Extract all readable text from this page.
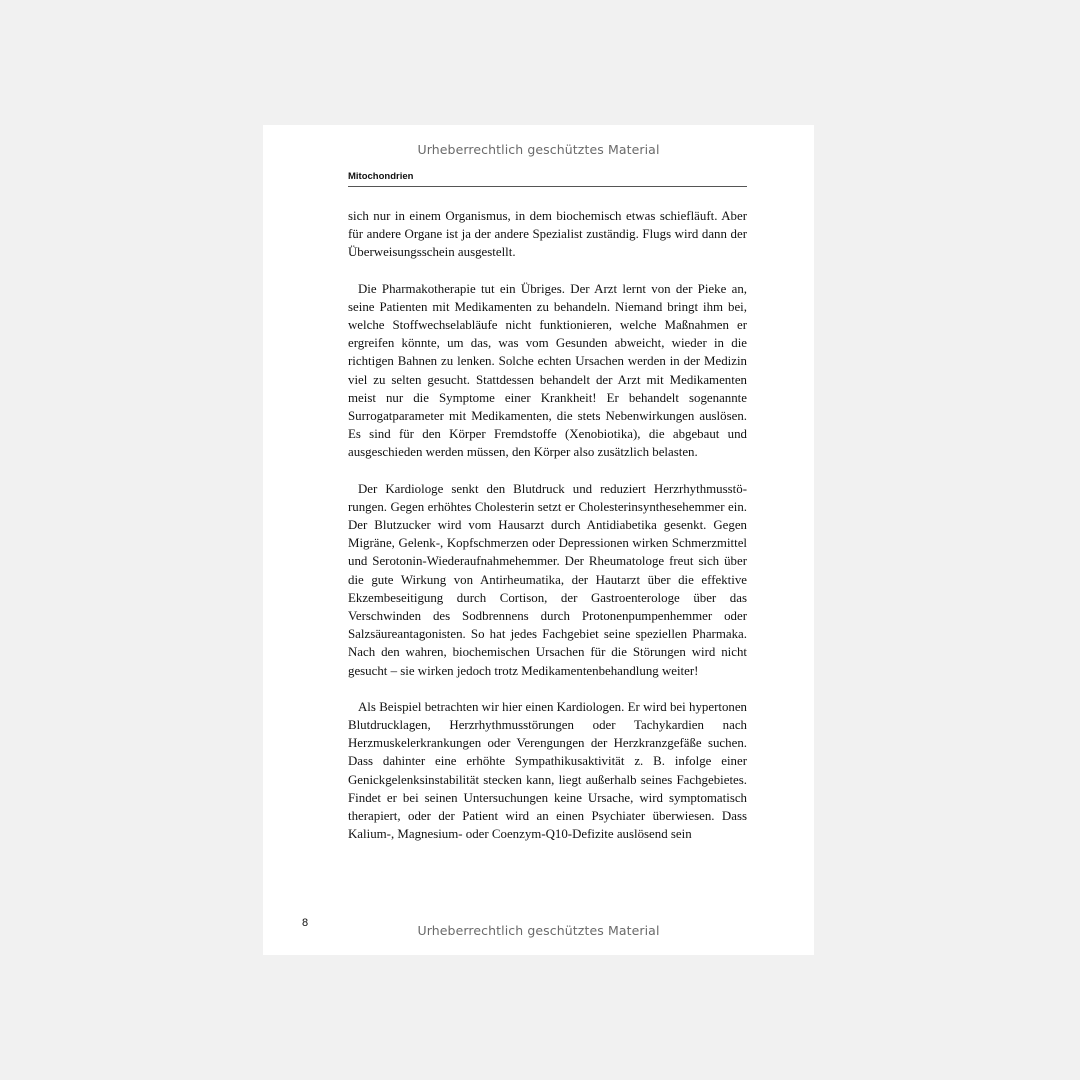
Urheberrechtlich geschütztes Material
Mitochondrien

sich nur in einem Organismus, in dem biochemisch etwas schiefläuft. Aber für andere Organe ist ja der andere Spezialist zuständig. Flugs wird dann der Überweisungsschein ausgestellt.

Die Pharmakotherapie tut ein Übriges. Der Arzt lernt von der Pieke an, seine Patienten mit Medikamenten zu behandeln. Niemand bringt ihm bei, welche Stoffwechselabläufe nicht funktionieren, welche Maßnahmen er ergreifen könnte, um das, was vom Gesunden abweicht, wieder in die richtigen Bahnen zu lenken. Solche echten Ursachen werden in der Medizin viel zu selten gesucht. Stattdessen behandelt der Arzt mit Medikamenten meist nur die Symptome einer Krankheit! Er behandelt sogenannte Surrogatparameter mit Medikamenten, die stets Nebenwirkungen auslösen. Es sind für den Körper Fremdstoffe (Xenobiotika), die abgebaut und ausgeschieden werden müssen, den Körper also zusätzlich belasten.

Der Kardiologe senkt den Blutdruck und reduziert Herzrhythmusstörungen. Gegen erhöhtes Cholesterin setzt er Cholesterinsynthesehemmer ein. Der Blutzucker wird vom Hausarzt durch Antidiabetika gesenkt. Gegen Migräne, Gelenk-, Kopfschmerzen oder Depressionen wirken Schmerzmittel und Serotonin-Wiederaufnahmehemmer. Der Rheumatologe freut sich über die gute Wirkung von Antirheumatika, der Hautarzt über die effektive Ekzembeseitigung durch Cortison, der Gastroenterologe über das Verschwinden des Sodbrennens durch Protonenpumpenhemmer oder Salzsäureantagonisten. So hat jedes Fachgebiet seine speziellen Pharmaka. Nach den wahren, biochemischen Ursachen für die Störungen wird nicht gesucht – sie wirken jedoch trotz Medikamentenbehandlung weiter!

Als Beispiel betrachten wir hier einen Kardiologen. Er wird bei hypertonen Blutdrucklagen, Herzrhythmusstörungen oder Tachykardien nach Herzmuskelerkrankungen oder Verengungen der Herzkranzgefäße suchen. Dass dahinter eine erhöhte Sympathikusaktivität z. B. infolge einer Genickgelenksinstabilität stecken kann, liegt außerhalb seines Fachgebietes. Findet er bei seinen Untersuchungen keine Ursache, wird symptomatisch therapiert, oder der Patient wird an einen Psychiater überwiesen. Dass Kalium-, Magnesium- oder Coenzym-Q10-Defizite auslösend sein

8	Urheberrechtlich geschütztes Material
